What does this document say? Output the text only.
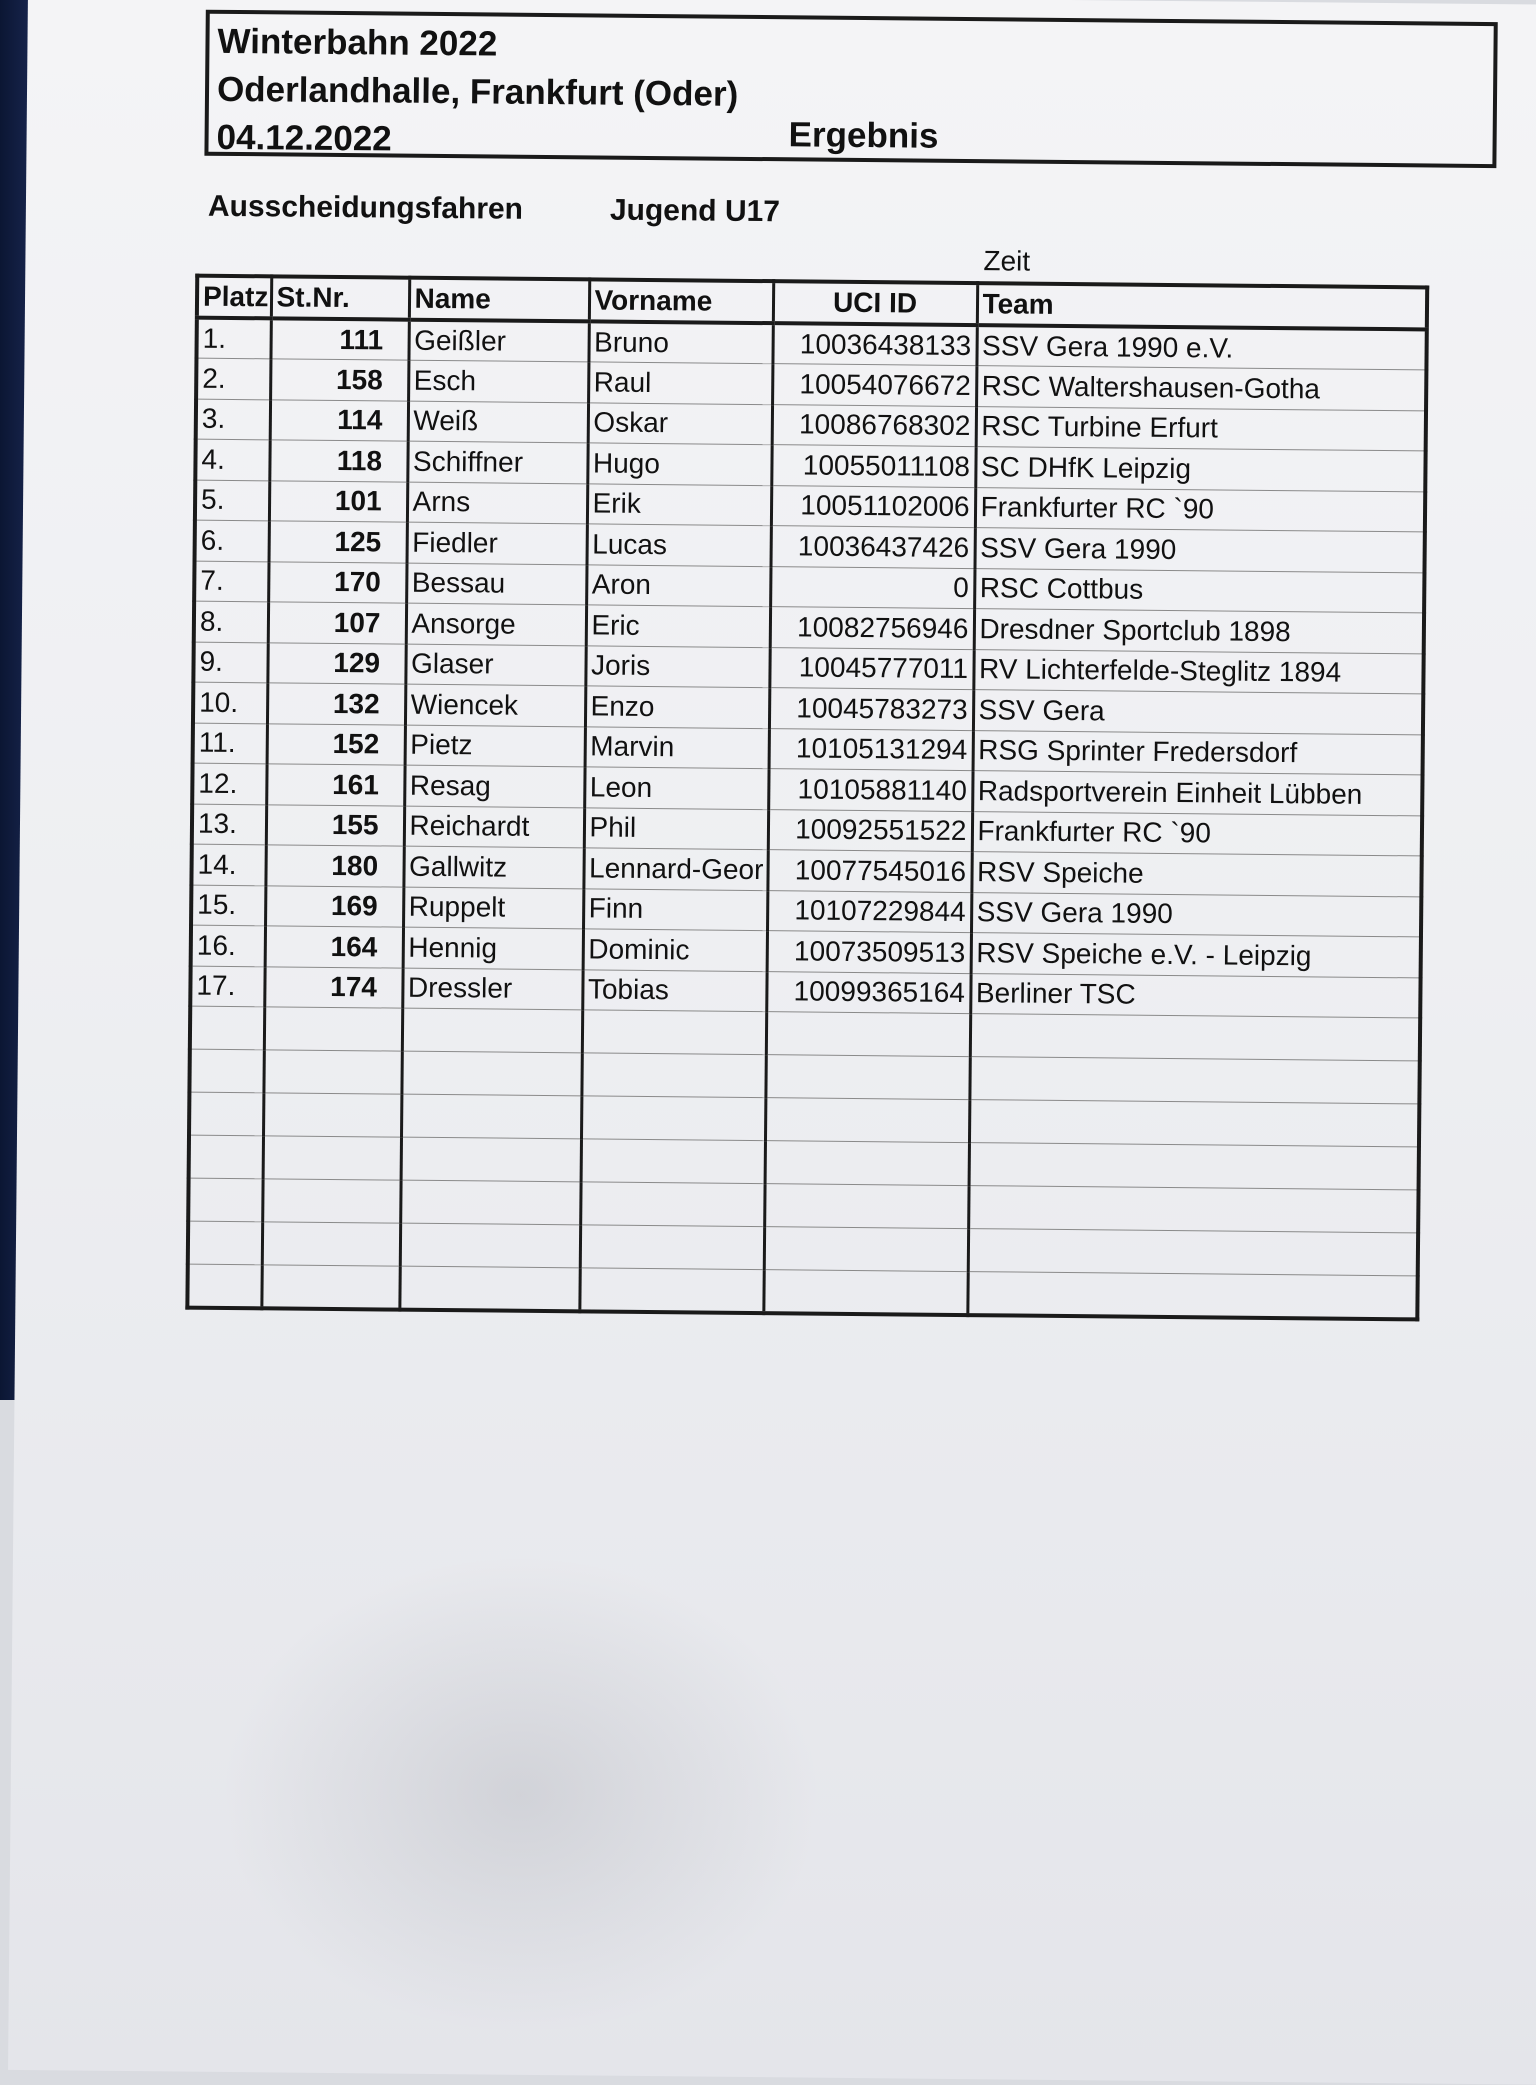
Winterbahn 2022
Oderlandhalle, Frankfurt (Oder)
04.12.2022	Ergebnis
Ausscheidungsfahren	Jugend U17
Zeit
Platz	St.Nr.	Name	Vorname	UCI ID	Team
1.	111	Geißler	Bruno	10036438133	SSV Gera 1990 e.V.
2.	158	Esch	Raul	10054076672	RSC Waltershausen-Gotha
3.	114	Weiß	Oskar	10086768302	RSC Turbine Erfurt
4.	118	Schiffner	Hugo	10055011108	SC DHfK Leipzig
5.	101	Arns	Erik	10051102006	Frankfurter RC `90
6.	125	Fiedler	Lucas	10036437426	SSV Gera 1990
7.	170	Bessau	Aron	0	RSC Cottbus
8.	107	Ansorge	Eric	10082756946	Dresdner Sportclub 1898
9.	129	Glaser	Joris	10045777011	RV Lichterfelde-Steglitz 1894
10.	132	Wiencek	Enzo	10045783273	SSV Gera
11.	152	Pietz	Marvin	10105131294	RSG Sprinter Fredersdorf
12.	161	Resag	Leon	10105881140	Radsportverein Einheit Lübben
13.	155	Reichardt	Phil	10092551522	Frankfurter RC `90
14.	180	Gallwitz	Lennard-Geor	10077545016	RSV Speiche
15.	169	Ruppelt	Finn	10107229844	SSV Gera 1990
16.	164	Hennig	Dominic	10073509513	RSV Speiche e.V. - Leipzig
17.	174	Dressler	Tobias	10099365164	Berliner TSC
